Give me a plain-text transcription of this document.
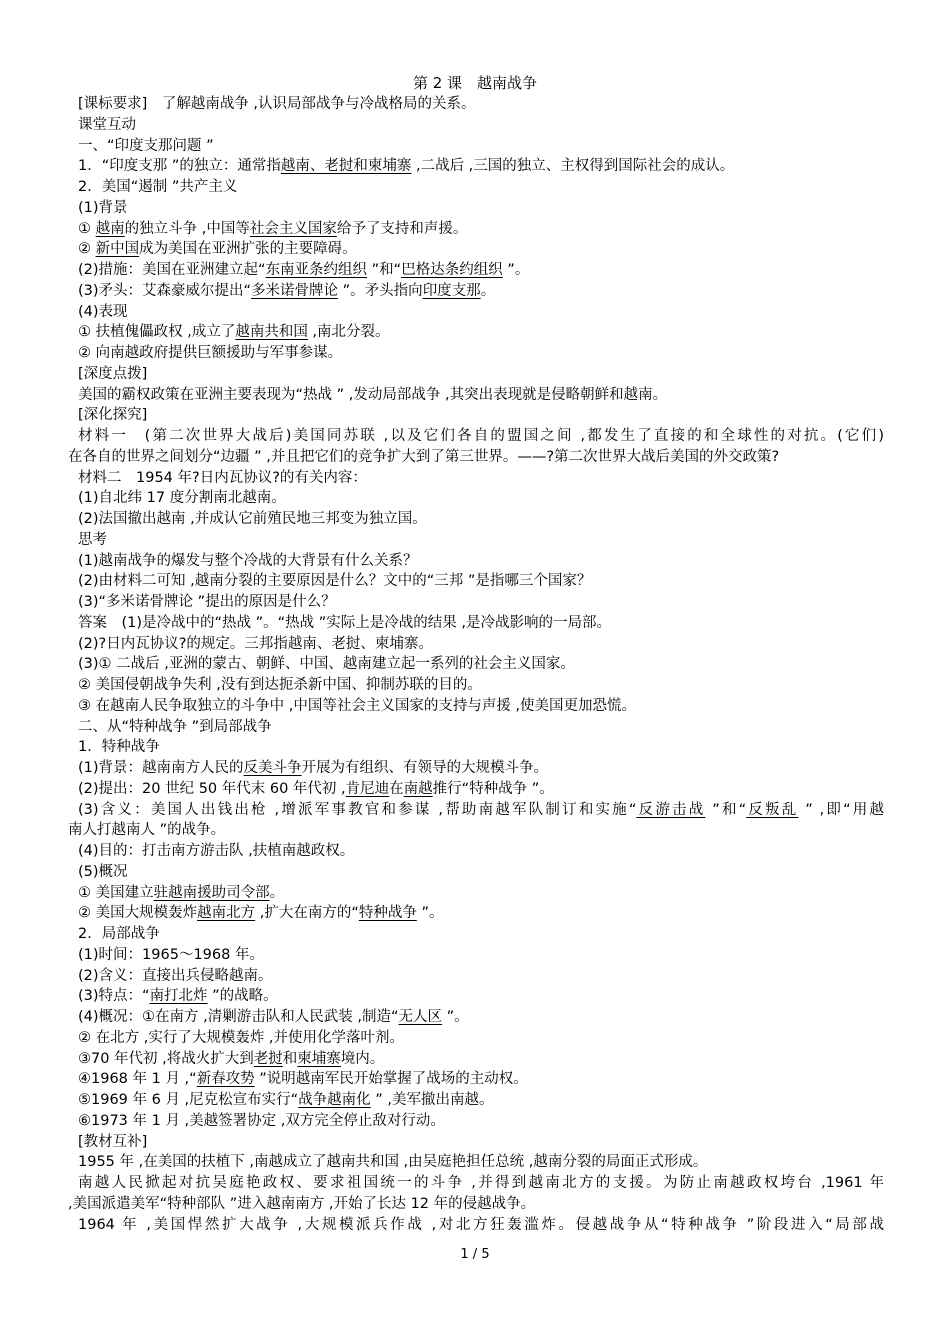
第 2 课　越南战争
[课标要求]　了解越南战争 ,认识局部战争与冷战格局的关系。
课堂互动
一、“印度支那问题 ”
1．“印度支那 ”的独立：通常指越南、老挝和柬埔寨 ,二战后 ,三国的独立、主权得到国际社会的成认。
2．美国“遏制 ”共产主义
(1)背景
① 越南的独立斗争 ,中国等社会主义国家给予了支持和声援。
② 新中国成为美国在亚洲扩张的主要障碍。
(2)措施：美国在亚洲建立起“东南亚条约组织 ”和“巴格达条约组织 ”。
(3)矛头：艾森豪威尔提出“多米诺骨牌论 ”。矛头指向印度支那。
(4)表现
① 扶植傀儡政权 ,成立了越南共和国 ,南北分裂。
② 向南越政府提供巨额援助与军事参谋。
[深度点拨]
美国的霸权政策在亚洲主要表现为“热战 ” ,发动局部战争 ,其突出表现就是侵略朝鲜和越南。
[深化探究]
材料一　(第二次世界大战后)美国同苏联 ,以及它们各自的盟国之间 ,都发生了直接的和全球性的对抗。(它们)
在各自的世界之间划分“边疆 ” ,并且把它们的竞争扩大到了第三世界。——?第二次世界大战后美国的外交政策?
材料二　1954 年?日内瓦协议?的有关内容：
(1)自北纬 17 度分割南北越南。
(2)法国撤出越南 ,并成认它前殖民地三邦变为独立国。
思考
(1)越南战争的爆发与整个冷战的大背景有什么关系？
(2)由材料二可知 ,越南分裂的主要原因是什么？文中的“三邦 ”是指哪三个国家？
(3)“多米诺骨牌论 ”提出的原因是什么？
答案　(1)是冷战中的“热战 ”。“热战 ”实际上是冷战的结果 ,是冷战影响的一局部。
(2)?日内瓦协议?的规定。三邦指越南、老挝、柬埔寨。
(3)① 二战后 ,亚洲的蒙古、朝鲜、中国、越南建立起一系列的社会主义国家。
② 美国侵朝战争失利 ,没有到达扼杀新中国、抑制苏联的目的。
③ 在越南人民争取独立的斗争中 ,中国等社会主义国家的支持与声援 ,使美国更加恐慌。
二、从“特种战争 ”到局部战争
1．特种战争
(1)背景：越南南方人民的反美斗争开展为有组织、有领导的大规模斗争。
(2)提出：20 世纪 50 年代末 60 年代初 ,肯尼迪在南越推行“特种战争 ”。
(3)含义：美国人出钱出枪 ,增派军事教官和参谋 ,帮助南越军队制订和实施“反游击战 ”和“反叛乱 ” ,即“用越
南人打越南人 ”的战争。
(4)目的：打击南方游击队 ,扶植南越政权。
(5)概况
① 美国建立驻越南援助司令部。
② 美国大规模轰炸越南北方 ,扩大在南方的“特种战争 ”。
2．局部战争
(1)时间：1965～1968 年。
(2)含义：直接出兵侵略越南。
(3)特点：“南打北炸 ”的战略。
(4)概况：①在南方 ,清剿游击队和人民武装 ,制造“无人区 ”。
② 在北方 ,实行了大规模轰炸 ,并使用化学落叶剂。
③70 年代初 ,将战火扩大到老挝和柬埔寨境内。
④1968 年 1 月 ,“新春攻势 ”说明越南军民开始掌握了战场的主动权。
⑤1969 年 6 月 ,尼克松宣布实行“战争越南化 ” ,美军撤出南越。
⑥1973 年 1 月 ,美越签署协定 ,双方完全停止敌对行动。
[教材互补]
1955 年 ,在美国的扶植下 ,南越成立了越南共和国 ,由吴庭艳担任总统 ,越南分裂的局面正式形成。
南越人民掀起对抗吴庭艳政权、要求祖国统一的斗争 ,并得到越南北方的支援。为防止南越政权垮台 ,1961 年
,美国派遣美军“特种部队 ”进入越南南方 ,开始了长达 12 年的侵越战争。
1964 年 ,美国悍然扩大战争 ,大规模派兵作战 ,对北方狂轰滥炸。侵越战争从“特种战争 ”阶段进入“局部战
1 / 5
